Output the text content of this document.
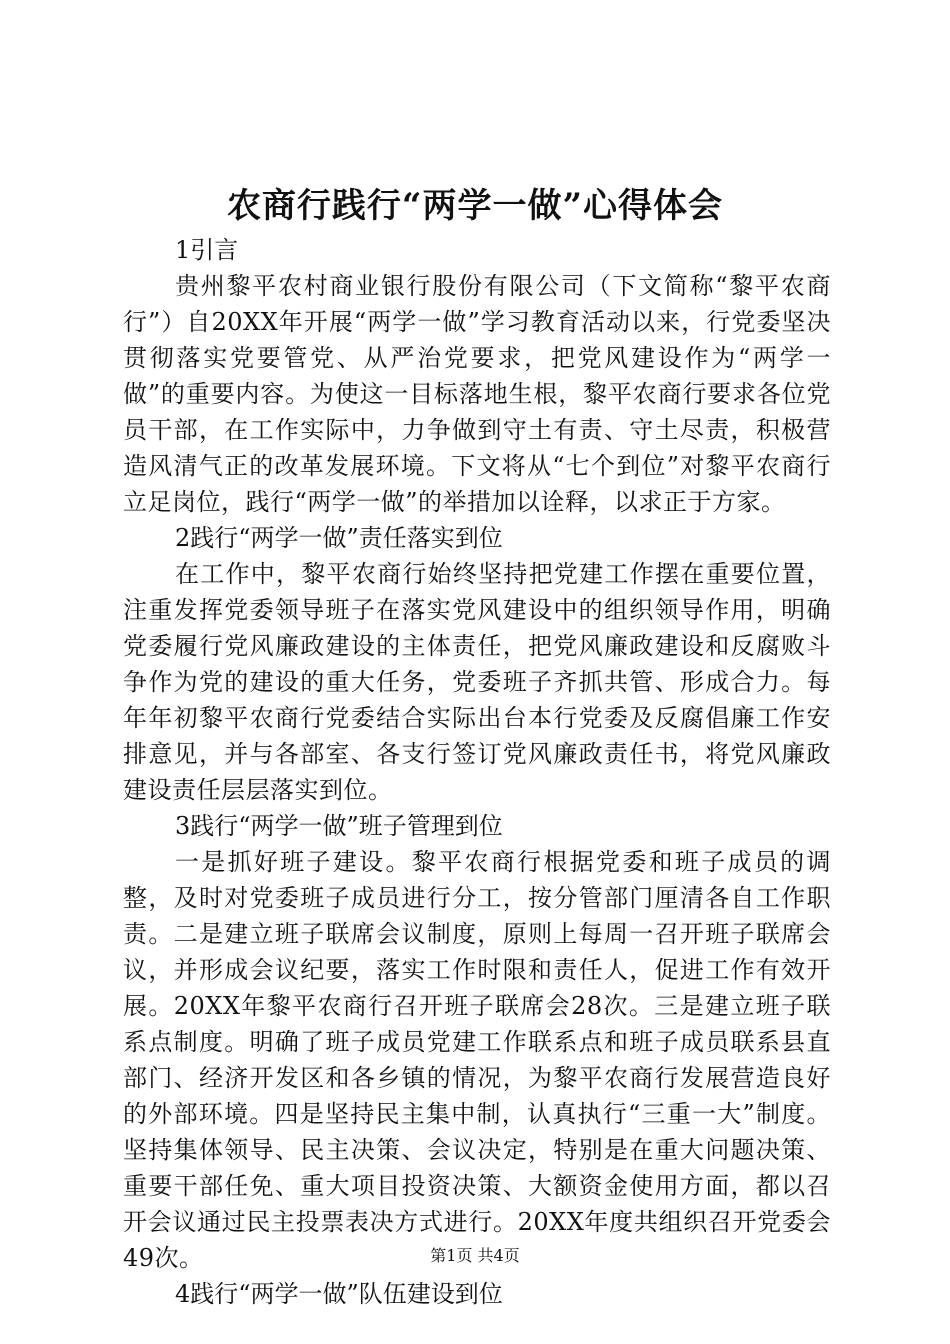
农商行践行“两学一做”心得体会

1引言

贵州黎平农村商业银行股份有限公司（下文简称“黎平农商行”）自20XX年开展“两学一做”学习教育活动以来，行党委坚决贯彻落实党要管党、从严治党要求，把党风建设作为“两学一做”的重要内容。为使这一目标落地生根，黎平农商行要求各位党员干部，在工作实际中，力争做到守土有责、守土尽责，积极营造风清气正的改革发展环境。下文将从“七个到位”对黎平农商行立足岗位，践行“两学一做”的举措加以诠释，以求正于方家。

2践行“两学一做”责任落实到位

在工作中，黎平农商行始终坚持把党建工作摆在重要位置，注重发挥党委领导班子在落实党风建设中的组织领导作用，明确党委履行党风廉政建设的主体责任，把党风廉政建设和反腐败斗争作为党的建设的重大任务，党委班子齐抓共管、形成合力。每年年初黎平农商行党委结合实际出台本行党委及反腐倡廉工作安排意见，并与各部室、各支行签订党风廉政责任书，将党风廉政建设责任层层落实到位。

3践行“两学一做”班子管理到位

一是抓好班子建设。黎平农商行根据党委和班子成员的调整，及时对党委班子成员进行分工，按分管部门厘清各自工作职责。二是建立班子联席会议制度，原则上每周一召开班子联席会议，并形成会议纪要，落实工作时限和责任人，促进工作有效开展。20XX年黎平农商行召开班子联席会28次。三是建立班子联系点制度。明确了班子成员党建工作联系点和班子成员联系县直部门、经济开发区和各乡镇的情况，为黎平农商行发展营造良好的外部环境。四是坚持民主集中制，认真执行“三重一大”制度。坚持集体领导、民主决策、会议决定，特别是在重大问题决策、重要干部任免、重大项目投资决策、大额资金使用方面，都以召开会议通过民主投票表决方式进行。20XX年度共组织召开党委会49次。

4践行“两学一做”队伍建设到位

第1页 共4页
